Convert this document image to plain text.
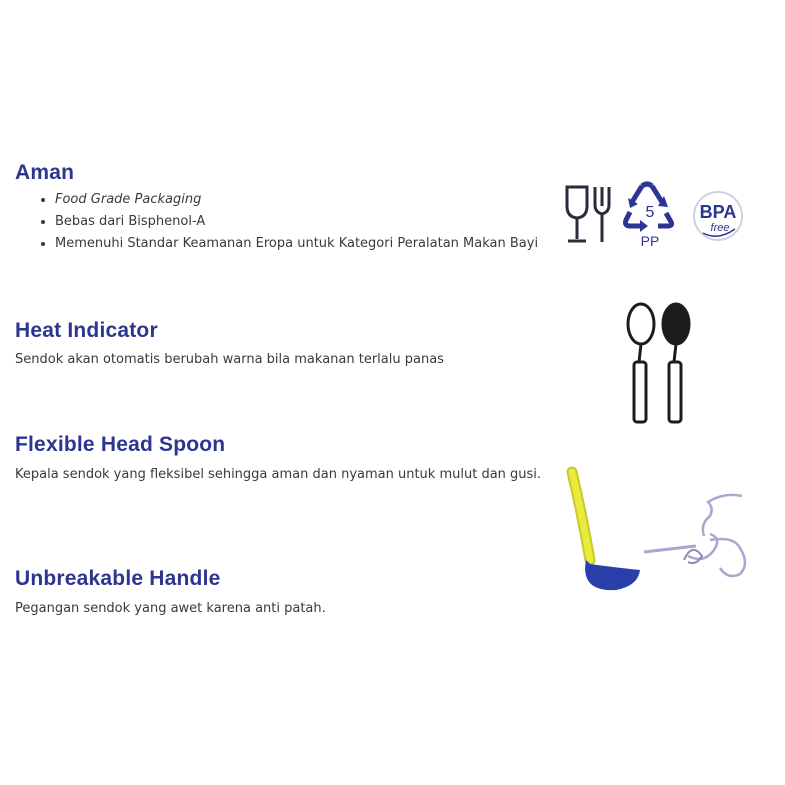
Aman
• Food Grade Packaging
• Bebas dari Bisphenol-A
• Memenuhi Standar Keamanan Eropa untuk Kategori Peralatan Makan Bayi
Heat Indicator

Sendok akan otomatis berubah warna bila makanan terlalu panas

Flexible Head Spoon

Kepala sendok yang fleksibel sehingga aman dan nyaman untuk mulut dan gusi.

Unbreakable Handle

Pegangan sendok yang awet karena anti patah.

5
PP
BPA
free
